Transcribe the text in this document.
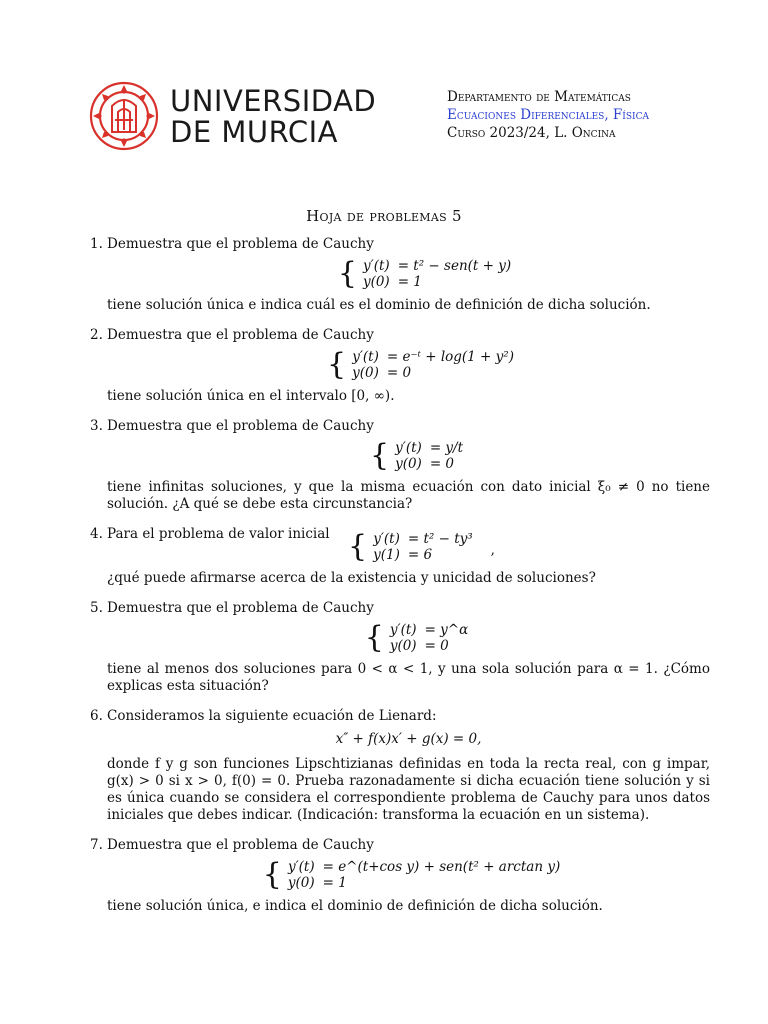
UNIVERSIDAD
DE MURCIA
Departamento de Matemáticas
Ecuaciones Diferenciales, Física
Curso 2023/24, L. Oncina
Hoja de problemas 5
1. Demuestra que el problema de Cauchy
{ y′(t)	= t² − sen(t + y)
y(0)	= 1
tiene solución única e indica cuál es el dominio de definición de dicha solución.
2. Demuestra que el problema de Cauchy
{ y′(t)	= e⁻ᵗ + log(1 + y²)
y(0)	= 0
tiene solución única en el intervalo [0, ∞).
3. Demuestra que el problema de Cauchy
{ y′(t)	= y/t
y(0)	= 0
tiene infinitas soluciones, y que la misma ecuación con dato inicial ξ₀ ≠ 0 no tiene solución. ¿A qué se debe esta circunstancia?
4. Para el problema de valor inicial { y′(t)	= t² − ty³
y(1)	= 6	,
¿qué puede afirmarse acerca de la existencia y unicidad de soluciones?
5. Demuestra que el problema de Cauchy
{ y′(t)	= y^α
y(0)	= 0
tiene al menos dos soluciones para 0 < α < 1, y una sola solución para α = 1. ¿Cómo explicas esta situación?
6. Consideramos la siguiente ecuación de Lienard:
x″ + f(x)x′ + g(x) = 0,
donde f y g son funciones Lipschtizianas definidas en toda la recta real, con g impar, g(x) > 0 si x > 0, f(0) = 0. Prueba razonadamente si dicha ecuación tiene solución y si es única cuando se considera el correspondiente problema de Cauchy para unos datos iniciales que debes indicar. (Indicación: transforma la ecuación en un sistema).
7. Demuestra que el problema de Cauchy
{ y′(t)	= e^(t+cos y) + sen(t² + arctan y)
y(0)	= 1
tiene solución única, e indica el dominio de definición de dicha solución.
